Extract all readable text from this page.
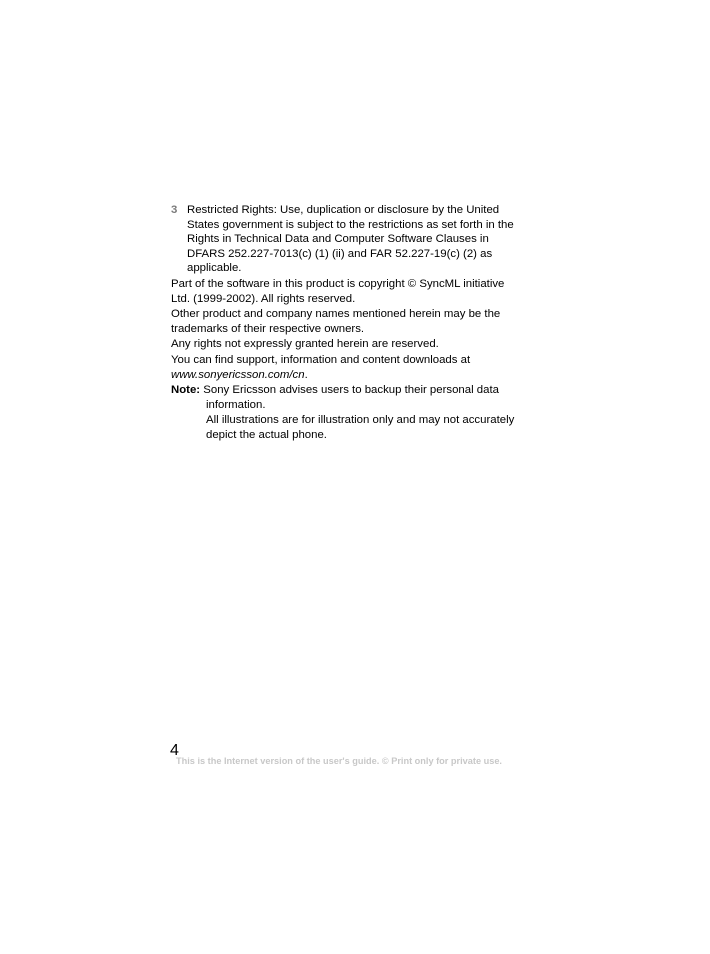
3 Restricted Rights: Use, duplication or disclosure by the United
States government is subject to the restrictions as set forth in the
Rights in Technical Data and Computer Software Clauses in
DFARS 252.227-7013(c) (1) (ii) and FAR 52.227-19(c) (2) as
applicable.
Part of the software in this product is copyright © SyncML initiative
Ltd. (1999-2002). All rights reserved.
Other product and company names mentioned herein may be the
trademarks of their respective owners.
Any rights not expressly granted herein are reserved.
You can find support, information and content downloads at
www.sonyericsson.com/cn.
Note: Sony Ericsson advises users to backup their personal data
information.
All illustrations are for illustration only and may not accurately
depict the actual phone.
4
This is the Internet version of the user's guide. © Print only for private use.
